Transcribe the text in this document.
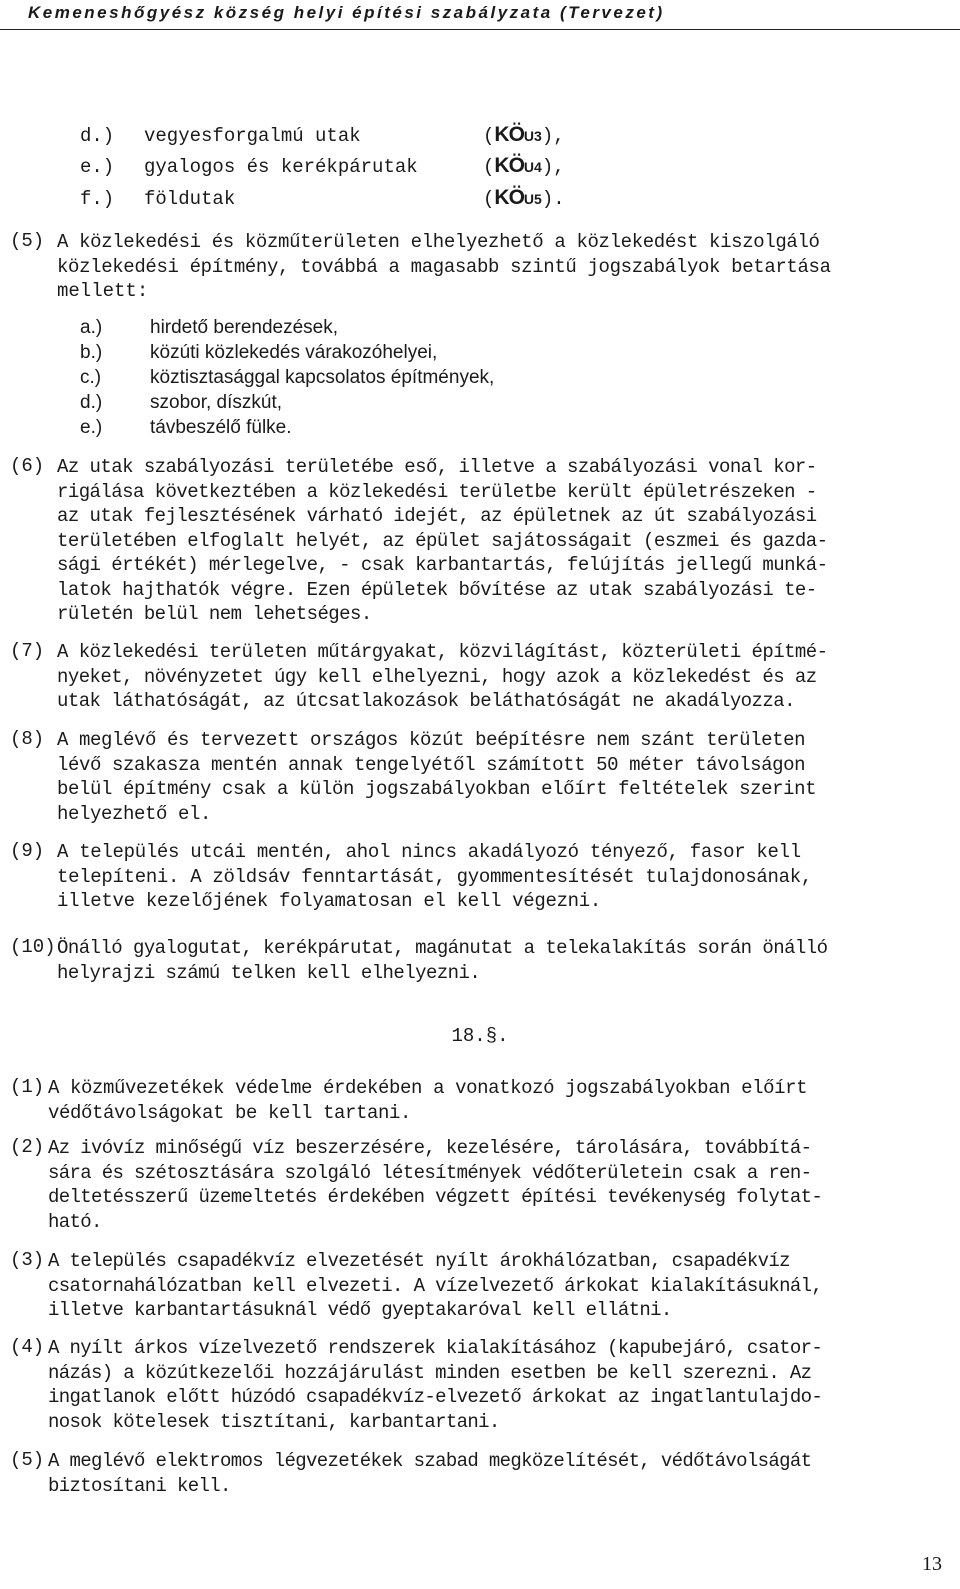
Kemeneshőgyész község helyi építési szabályzata (Tervezet)
d.) vegyesforgalmú utak	(KÖU3),
e.) gyalogos és kerékpárutak	(KÖU4),
f.) földutak	(KÖU5).
(5) A közlekedési és közműterületen elhelyezhető a közlekedést kiszolgáló
közlekedési építmény, továbbá a magasabb szintű jogszabályok betartása
mellett:
a.)	hirdető berendezések,
b.)	közúti közlekedés várakozóhelyei,
c.)	köztisztasággal kapcsolatos építmények,
d.)	szobor, díszkút,
e.)	távbeszélő fülke.
(6) Az utak szabályozási területébe eső, illetve a szabályozási vonal kor-
rigálása következtében a közlekedési területbe került épületrészeken -
az utak fejlesztésének várható idejét, az épületnek az út szabályozási
területében elfoglalt helyét, az épület sajátosságait (eszmei és gazda-
sági értékét) mérlegelve, - csak karbantartás, felújítás jellegű munká-
latok hajthatók végre. Ezen épületek bővítése az utak szabályozási te-
rületén belül nem lehetséges.
(7) A közlekedési területen műtárgyakat, közvilágítást, közterületi építmé-
nyeket, növényzetet úgy kell elhelyezni, hogy azok a közlekedést és az
utak láthatóságát, az útcsatlakozások beláthatóságát ne akadályozza.
(8) A meglévő és tervezett országos közút beépítésre nem szánt területen
lévő szakasza mentén annak tengelyétől számított 50 méter távolságon
belül építmény csak a külön jogszabályokban előírt feltételek szerint
helyezhető el.
(9) A település utcái mentén, ahol nincs akadályozó tényező, fasor kell
telepíteni. A zöldsáv fenntartását, gyommentesítését tulajdonosának,
illetve kezelőjének folyamatosan el kell végezni.
(10) Önálló gyalogutat, kerékpárutat, magánutat a telekalakítás során önálló
helyrajzi számú telken kell elhelyezni.
18.§.
(1) A közművezetékek védelme érdekében a vonatkozó jogszabályokban előírt
védőtávolságokat be kell tartani.
(2) Az ivóvíz minőségű víz beszerzésére, kezelésére, tárolására, továbbítá-
sára és szétosztására szolgáló létesítmények védőterületein csak a ren-
deltetésszerű üzemeltetés érdekében végzett építési tevékenység folytat-
ható.
(3) A település csapadékvíz elvezetését nyílt árokhálózatban, csapadékvíz
csatornahálózatban kell elvezeti. A vízelvezető árkokat kialakításuknál,
illetve karbantartásuknál védő gyeptakaróval kell ellátni.
(4) A nyílt árkos vízelvezető rendszerek kialakításához (kapubejáró, csator-
názás) a közútkezelői hozzájárulást minden esetben be kell szerezni. Az
ingatlanok előtt húzódó csapadékvíz-elvezető árkokat az ingatlantulajdo-
nosok kötelesek tisztítani, karbantartani.
(5) A meglévő elektromos légvezetékek szabad megközelítését, védőtávolságát
biztosítani kell.
13
